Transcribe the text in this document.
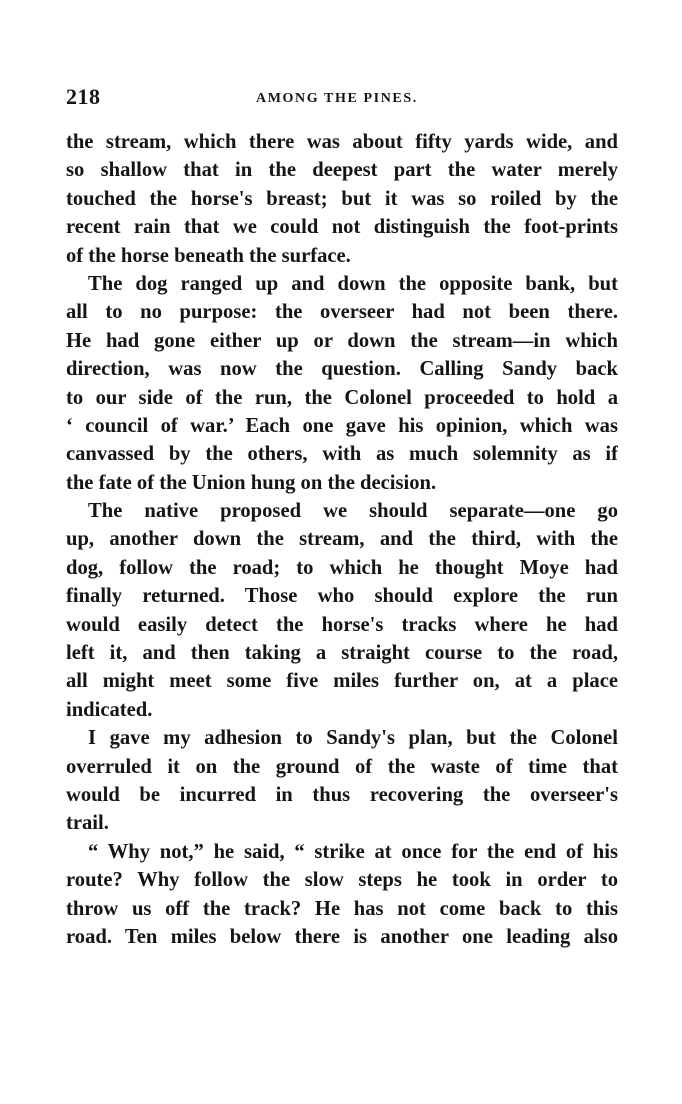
218	AMONG THE PINES.
the stream, which there was about fifty yards wide, and
so shallow that in the deepest part the water merely
touched the horse's breast; but it was so roiled by the
recent rain that we could not distinguish the foot-prints
of the horse beneath the surface.
The dog ranged up and down the opposite bank, but
all to no purpose: the overseer had not been there.
He had gone either up or down the stream—in which
direction, was now the question. Calling Sandy back
to our side of the run, the Colonel proceeded to hold a
‘ council of war.’ Each one gave his opinion, which was
canvassed by the others, with as much solemnity as if
the fate of the Union hung on the decision.
The native proposed we should separate—one go
up, another down the stream, and the third, with the
dog, follow the road; to which he thought Moye had
finally returned. Those who should explore the run
would easily detect the horse's tracks where he had
left it, and then taking a straight course to the road,
all might meet some five miles further on, at a place
indicated.
I gave my adhesion to Sandy's plan, but the Colonel
overruled it on the ground of the waste of time that
would be incurred in thus recovering the overseer's
trail.
“ Why not,” he said, “ strike at once for the end of his
route? Why follow the slow steps he took in order to
throw us off the track? He has not come back to this
road. Ten miles below there is another one leading also
